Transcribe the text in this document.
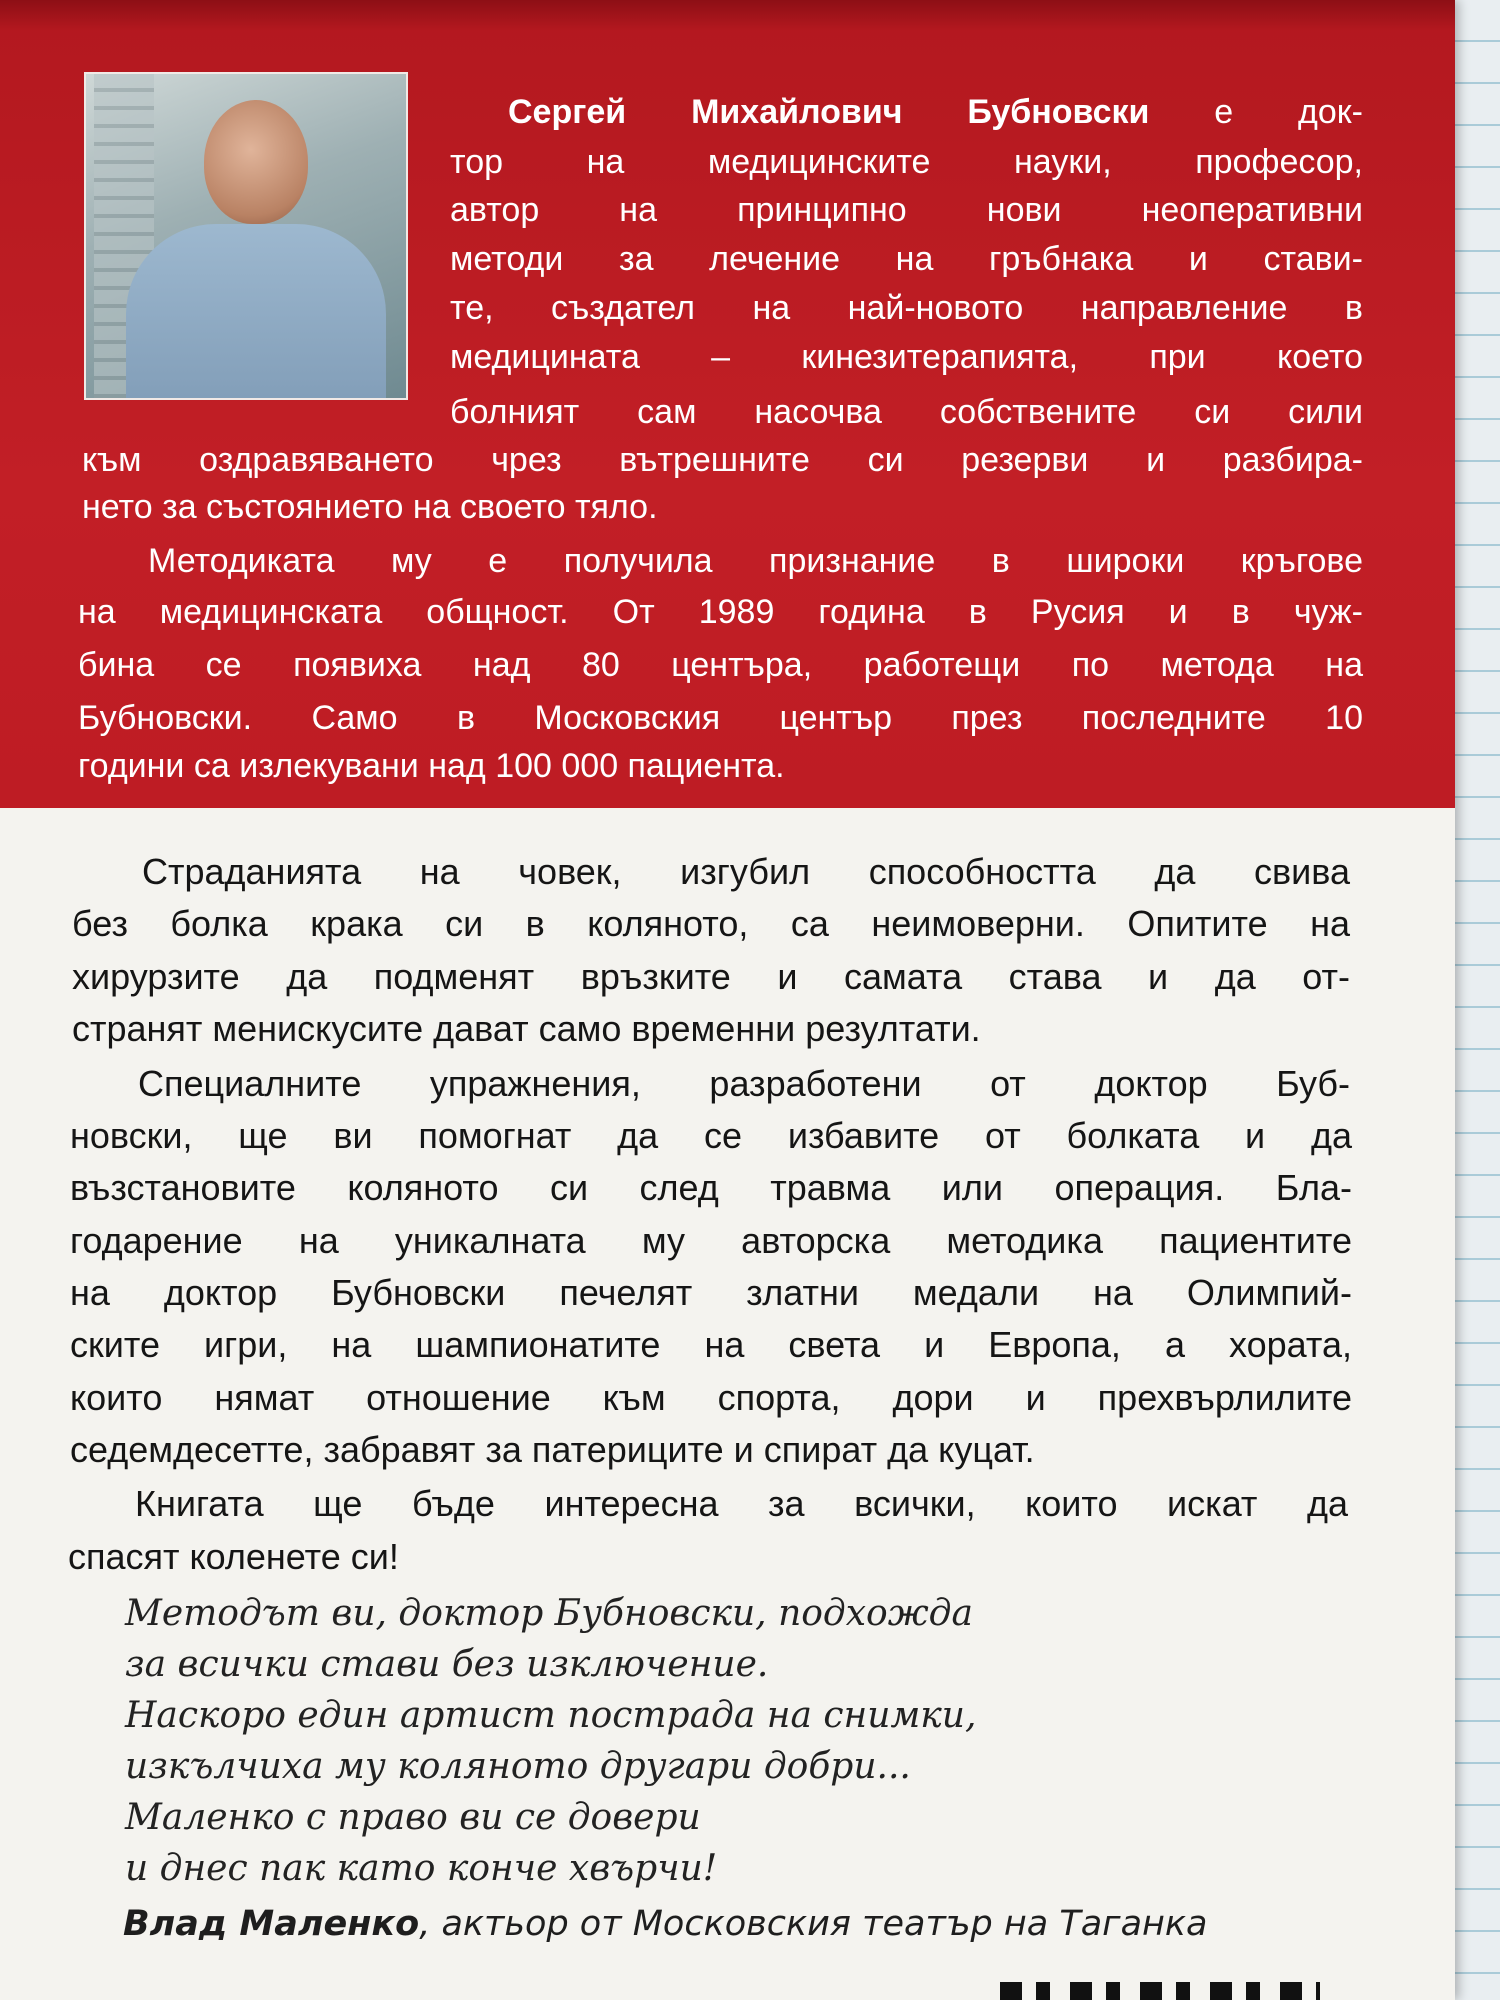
Сергей Михайлович Бубновски е док-
тор на медицинските науки, професор,
автор на принципно нови неоперативни
методи за лечение на гръбнака и стави-
те, създател на най-новото направление в
медицината – кинезитерапията, при което
болният сам насочва собствените си сили
към оздравяването чрез вътрешните си резерви и разбира-
нето за състоянието на своето тяло.
Методиката му е получила признание в широки кръгове
на медицинската общност. От 1989 година в Русия и в чуж-
бина се появиха над 80 центъра, работещи по метода на
Бубновски. Само в Московския център през последните 10
години са излекувани над 100 000 пациента.
Страданията на човек, изгубил способността да свива
без болка крака си в коляното, са неимоверни. Опитите на
хирурзите да подменят връзките и самата става и да от-
странят менискусите дават само временни резултати.
Специалните упражнения, разработени от доктор Буб-
новски, ще ви помогнат да се избавите от болката и да
възстановите коляното си след травма или операция. Бла-
годарение на уникалната му авторска методика пациентите
на доктор Бубновски печелят златни медали на Олимпий-
ските игри, на шампионатите на света и Европа, а хората,
които нямат отношение към спорта, дори и прехвърлилите
седемдесетте, забравят за патериците и спират да куцат.
Книгата ще бъде интересна за всички, които искат да
спасят коленете си!
Методът ви, доктор Бубновски, подхожда
за всички стави без изключение.
Наскоро един артист пострада на снимки,
изкълчиха му коляното другари добри...
Маленко с право ви се довери
и днес пак като конче хвърчи!
Влад Маленко, актьор от Московския театър на Таганка
